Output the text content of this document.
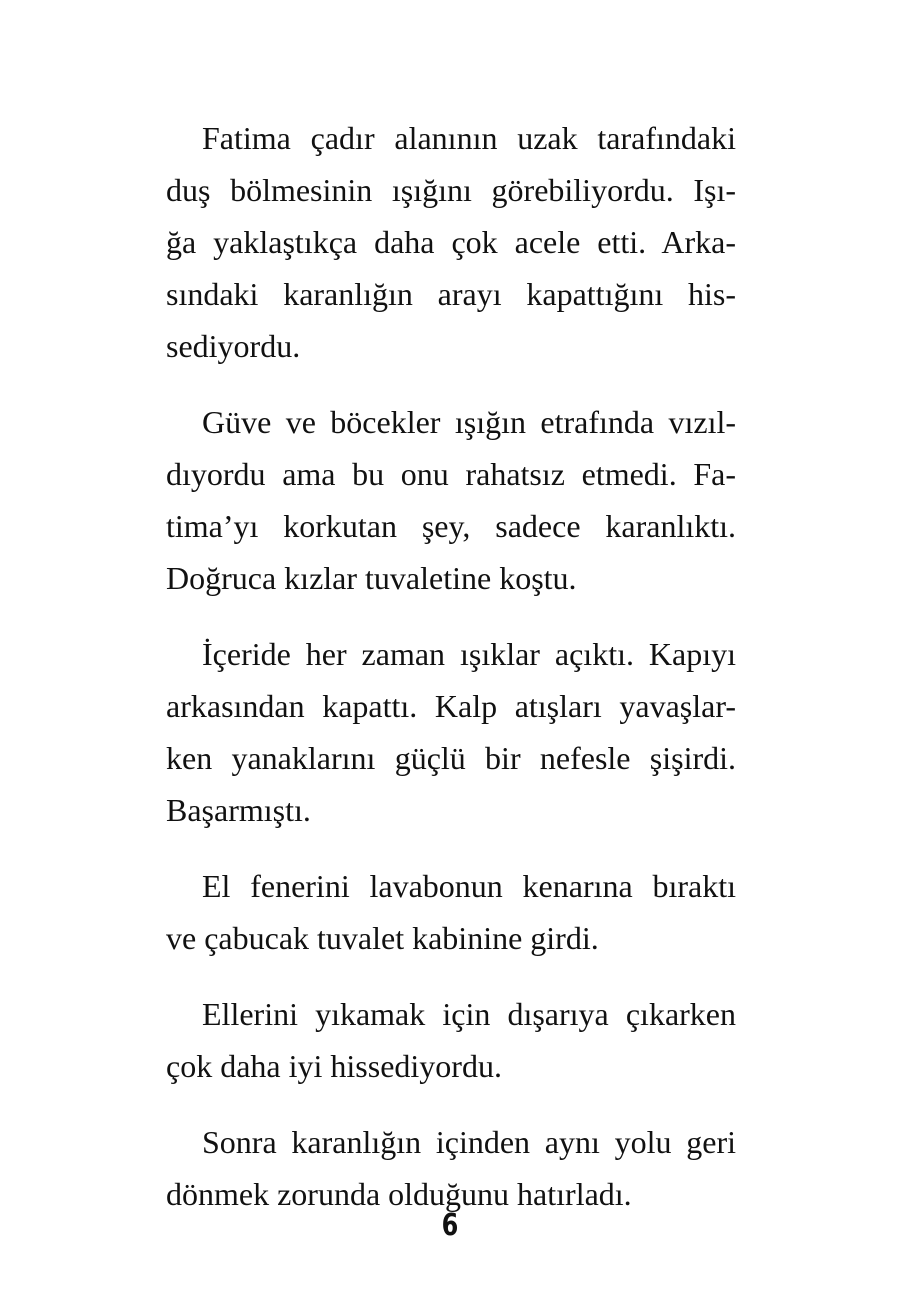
Fatima çadır alanının uzak tarafındaki
duş bölmesinin ışığını görebiliyordu. Işı-
ğa yaklaştıkça daha çok acele etti. Arka-
sındaki karanlığın arayı kapattığını his-
sediyordu.

Güve ve böcekler ışığın etrafında vızıl-
dıyordu ama bu onu rahatsız etmedi. Fa-
tima’yı korkutan şey, sadece karanlıktı.
Doğruca kızlar tuvaletine koştu.

İçeride her zaman ışıklar açıktı. Kapıyı
arkasından kapattı. Kalp atışları yavaşlar-
ken yanaklarını güçlü bir nefesle şişirdi.
Başarmıştı.

El fenerini lavabonun kenarına bıraktı
ve çabucak tuvalet kabinine girdi.

Ellerini yıkamak için dışarıya çıkarken
çok daha iyi hissediyordu.

Sonra karanlığın içinden aynı yolu geri
dönmek zorunda olduğunu hatırladı.

6
